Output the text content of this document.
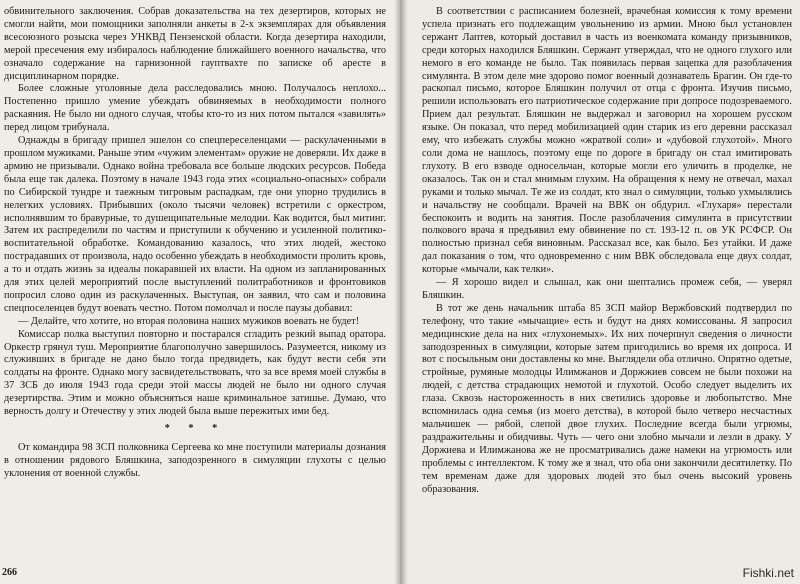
обвинительного заключения. Собрав доказательства на тех дезертиров, которых не смогли найти, мои помощники заполняли анкеты в 2-х экземплярах для объявления всесоюзного розыска через УНКВД Пензенской области. Когда дезертира находили, мерой пресечения ему избиралось наблюдение ближайшего военного начальства, что означало содержание на гарнизонной гауптвахте по записке об аресте в дисциплинарном порядке.

Более сложные уголовные дела расследовались мною. Получалось неплохо... Постепенно пришло умение убеждать обвиняемых в необходимости полного раскаяния. Не было ни одного случая, чтобы кто-то из них потом пытался «завилять» перед лицом трибунала.

Однажды в бригаду пришел эшелон со спецпереселенцами — раскулаченными в прошлом мужиками. Раньше этим «чужим элементам» оружие не доверяли. Их даже в армию не призывали. Однако война требовала все больше людских ресурсов. Победа была еще так далека. Поэтому в начале 1943 года этих «социально-опасных» собрали по Сибирской тундре и таежным тигровым распадкам, где они упорно трудились в нелегких условиях. Прибывших (около тысячи человек) встретили с оркестром, исполнявшим то бравурные, то душещипательные мелодии. Как водится, был митинг. Затем их распределили по частям и приступили к обучению и усиленной политико-воспитательной обработке. Командованию казалось, что этих людей, жестоко пострадавших от произвола, надо особенно убеждать в необходимости пролить кровь, а то и отдать жизнь за идеалы покаравшей их власти. На одном из запланированных для этих целей мероприятий после выступлений политработников и фронтовиков попросил слово один из раскулаченных. Выступая, он заявил, что сам и половина спецпоселенцев будут воевать честно. Потом помолчал и после паузы добавил:

— Делайте, что хотите, но вторая половина наших мужиков воевать не будет!

Комиссар полка выступил повторно и постарался сгладить резкий выпад оратора. Оркестр грянул туш. Мероприятие благополучно завершилось. Разумеется, никому из служивших в бригаде не дано было тогда предвидеть, как будут вести себя эти солдаты на фронте. Однако могу засвидетельствовать, что за все время моей службы в 37 ЗСБ до июля 1943 года среди этой массы людей не было ни одного случая дезертирства. Этим и можно объясняться наше криминальное затишье. Думаю, что верность долгу и Отечеству у этих людей была выше пережитых ими бед.

* * *

От командира 98 ЗСП полковника Сергеева ко мне поступили материалы дознания в отношении рядового Бляшкина, заподозренного в симуляции глухоты с целью уклонения от военной службы.

266

В соответствии с расписанием болезней, врачебная комиссия к тому времени успела признать его подлежащим увольнению из армии. Мною был установлен сержант Лаптев, который доставил в часть из военкомата команду призывников, среди которых находился Бляшкин. Сержант утверждал, что не одного глухого или немого в его команде не было. Так появилась первая зацепка для разоблачения симулянта. В этом деле мне здорово помог военный дознаватель Брагин. Он где-то раскопал письмо, которое Бляшкин получил от отца с фронта. Изучив письмо, решили использовать его патриотическое содержание при допросе подозреваемого. Прием дал результат. Бляшкин не выдержал и заговорил на хорошем русском языке. Он показал, что перед мобилизацией один старик из его деревни рассказал ему, что избежать службы можно «жратвой соли» и «дубовой глухотой». Много соли дома не нашлось, поэтому еще по дороге в бригаду он стал имитировать глухоту. В его взводе односельчан, которые могли его уличить в проделке, не оказалось. Так он и стал мнимым глухим. На обращения к нему не отвечал, махал руками и только мычал. Те же из солдат, кто знал о симуляции, только ухмылялись и начальству не сообщали. Врачей на ВВК он обдурил. «Глухаря» перестали беспокоить и водить на занятия. После разоблачения симулянта в присутствии полкового врача я предъявил ему обвинение по ст. 193-12 п. ов УК РСФСР. Он полностью признал себя виновным. Рассказал все, как было. Без утайки. И даже дал показания о том, что одновременно с ним ВВК обследовала еще двух солдат, которые «мычали, как телки».

— Я хорошо видел и слышал, как они шептались промеж себя, — уверял Бляшкин.

В тот же день начальник штаба 85 ЗСП майор Вержбовский подтвердил по телефону, что такие «мычащие» есть и будут на днях комиссованы. Я запросил медицинские дела на них «глухонемых». Их них почерпнул сведения о личности заподозренных в симуляции, которые затем пригодились во время их допроса. И вот с посыльным они доставлены ко мне. Выглядели оба отлично. Опрятно одетые, стройные, румяные молодцы Илимжанов и Доржжиев совсем не были похожи на людей, с детства страдающих немотой и глухотой. Особо следует выделить их глаза. Сквозь настороженность в них светились здоровье и любопытство. Мне вспомнилась одна семья (из моего детства), в которой было четверо несчастных мальчишек — рябой, слепой двое глухих. Последние всегда были угрюмы, раздражительны и обидчивы. Чуть — чего они злобно мычали и лезли в драку. У Доржиева и Илимжанова же не просматривались даже намеки на угрюмость или проблемы с интеллектом. К тому же я знал, что оба они закончили десятилетку. По тем временам даже для здоровых людей это был очень высокий уровень образования.

Fishki.net
